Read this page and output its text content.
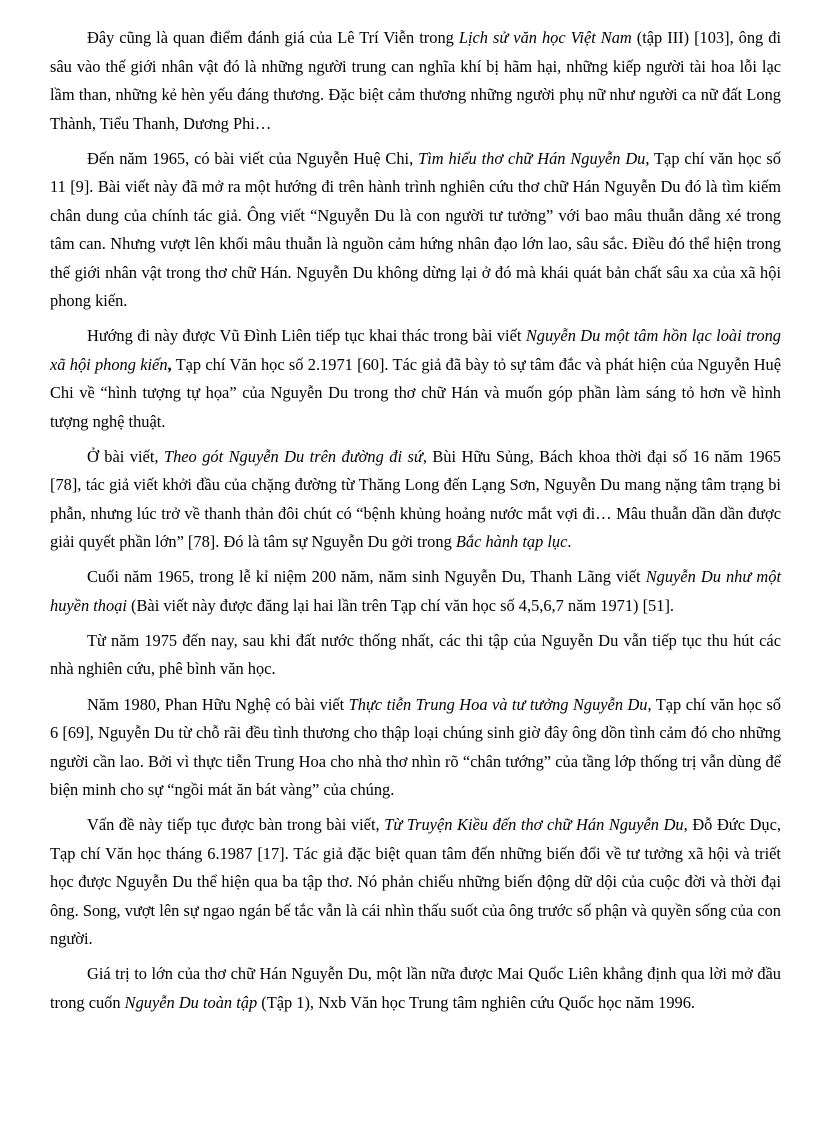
Đây cũng là quan điểm đánh giá của Lê Trí Viễn trong Lịch sử văn học Việt Nam (tập III) [103], ông đi sâu vào thế giới nhân vật đó là những người trung can nghĩa khí bị hãm hại, những kiếp người tài hoa lỗi lạc lầm than, những kẻ hèn yếu đáng thương. Đặc biệt cảm thương những người phụ nữ như người ca nữ đất Long Thành, Tiểu Thanh, Dương Phi…

Đến năm 1965, có bài viết của Nguyễn Huệ Chi, Tìm hiểu thơ chữ Hán Nguyễn Du, Tạp chí văn học số 11 [9]. Bài viết này đã mở ra một hướng đi trên hành trình nghiên cứu thơ chữ Hán Nguyễn Du đó là tìm kiếm chân dung của chính tác giả. Ông viết “Nguyễn Du là con người tư tưởng” với bao mâu thuẫn dằng xé trong tâm can. Nhưng vượt lên khối mâu thuẫn là nguồn cảm hứng nhân đạo lớn lao, sâu sắc. Điều đó thể hiện trong thế giới nhân vật trong thơ chữ Hán. Nguyễn Du không dừng lại ở đó mà khái quát bản chất sâu xa của xã hội phong kiến.

Hướng đi này được Vũ Đình Liên tiếp tục khai thác trong bài viết Nguyễn Du một tâm hồn lạc loài trong xã hội phong kiến, Tạp chí Văn học số 2.1971 [60]. Tác giả đã bày tỏ sự tâm đắc và phát hiện của Nguyễn Huệ Chi về “hình tượng tự họa” của Nguyễn Du trong thơ chữ Hán và muốn góp phần làm sáng tỏ hơn về hình tượng nghệ thuật.

Ở bài viết, Theo gót Nguyễn Du trên đường đi sứ, Bùi Hữu Sủng, Bách khoa thời đại số 16 năm 1965 [78], tác giả viết khởi đầu của chặng đường từ Thăng Long đến Lạng Sơn, Nguyễn Du mang nặng tâm trạng bi phẫn, nhưng lúc trở về thanh thản đôi chút có “bệnh khủng hoảng nước mắt vợi đi… Mâu thuẫn dần dần được giải quyết phần lớn” [78]. Đó là tâm sự Nguyễn Du gởi trong Bắc hành tạp lục.

Cuối năm 1965, trong lễ kỉ niệm 200 năm, năm sinh Nguyễn Du, Thanh Lãng viết Nguyễn Du như một huyền thoại (Bài viết này được đăng lại hai lần trên Tạp chí văn học số 4,5,6,7 năm 1971) [51].

Từ năm 1975 đến nay, sau khi đất nước thống nhất, các thi tập của Nguyễn Du vẫn tiếp tục thu hút các nhà nghiên cứu, phê bình văn học.

Năm 1980, Phan Hữu Nghệ có bài viết Thực tiễn Trung Hoa và tư tưởng Nguyễn Du, Tạp chí văn học số 6 [69], Nguyễn Du từ chỗ rãi đều tình thương cho thập loại chúng sinh giờ đây ông dồn tình cảm đó cho những người cần lao. Bởi vì thực tiễn Trung Hoa cho nhà thơ nhìn rõ “chân tướng” của tầng lớp thống trị vẫn dùng để biện minh cho sự “ngồi mát ăn bát vàng” của chúng.

Vấn đề này tiếp tục được bàn trong bài viết, Từ Truyện Kiều đến thơ chữ Hán Nguyễn Du, Đỗ Đức Dục, Tạp chí Văn học tháng 6.1987 [17]. Tác giả đặc biệt quan tâm đến những biến đổi về tư tưởng xã hội và triết học được Nguyễn Du thể hiện qua ba tập thơ. Nó phản chiếu những biến động dữ dội của cuộc đời và thời đại ông. Song, vượt lên sự ngao ngán bế tắc vẫn là cái nhìn thấu suốt của ông trước số phận và quyền sống của con người.

Giá trị to lớn của thơ chữ Hán Nguyễn Du, một lần nữa được Mai Quốc Liên khẳng định qua lời mở đầu trong cuốn Nguyễn Du toàn tập (Tập 1), Nxb Văn học Trung tâm nghiên cứu Quốc học năm 1996.
